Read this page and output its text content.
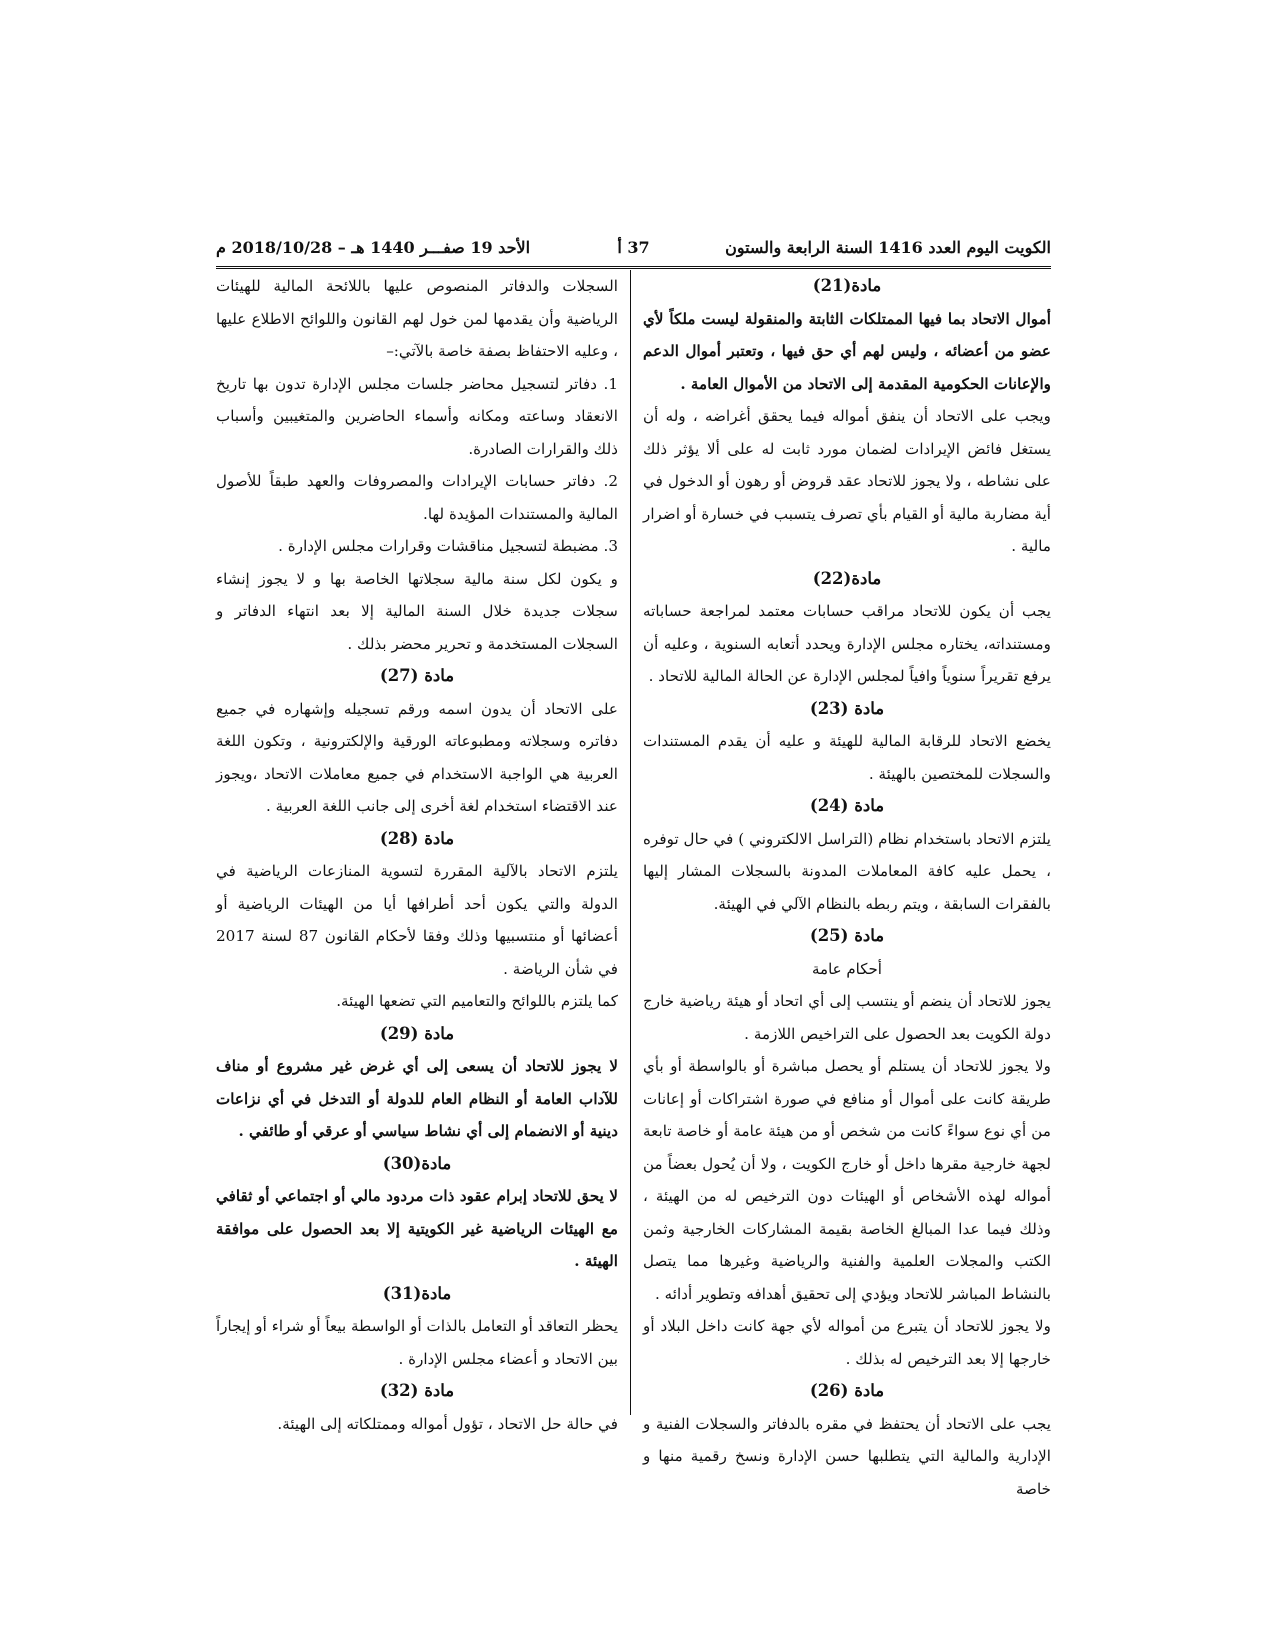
الكويت اليوم العدد 1416 السنة الرابعة والستون
37 أ
الأحد 19 صفـــر 1440 هـ – 2018/10/28 م

مادة(21)

أموال الاتحاد بما فيها الممتلكات الثابتة والمنقولة ليست ملكاً لأي عضو من أعضائه ، وليس لهم أي حق فيها ، وتعتبر أموال الدعم والإعانات الحكومية المقدمة إلى الاتحاد من الأموال العامة .

ويجب على الاتحاد أن ينفق أمواله فيما يحقق أغراضه ، وله أن يستغل فائض الإيرادات لضمان مورد ثابت له على ألا يؤثر ذلك على نشاطه ، ولا يجوز للاتحاد عقد قروض أو رهون أو الدخول في أية مضاربة مالية أو القيام بأي تصرف يتسبب في خسارة أو اضرار مالية .

مادة(22)

يجب أن يكون للاتحاد مراقب حسابات معتمد لمراجعة حساباته ومستنداته، يختاره مجلس الإدارة ويحدد أتعابه السنوية ، وعليه أن يرفع تقريراً سنوياً وافياً لمجلس الإدارة عن الحالة المالية للاتحاد .

مادة (23)

يخضع الاتحاد للرقابة المالية للهيئة و عليه أن يقدم المستندات والسجلات للمختصين بالهيئة .

مادة (24)

يلتزم الاتحاد باستخدام نظام (التراسل الالكتروني ) في حال توفره ، يحمل عليه كافة المعاملات المدونة بالسجلات المشار إليها بالفقرات السابقة ، ويتم ربطه بالنظام الآلي في الهيئة.

مادة (25)

أحكام عامة

يجوز للاتحاد أن ينضم أو ينتسب إلى أي اتحاد أو هيئة رياضية خارج دولة الكويت بعد الحصول على التراخيص اللازمة .

ولا يجوز للاتحاد أن يستلم أو يحصل مباشرة أو بالواسطة أو بأي طريقة كانت على أموال أو منافع في صورة اشتراكات أو إعانات من أي نوع سواءً كانت من شخص أو من هيئة عامة أو خاصة تابعة لجهة خارجية مقرها داخل أو خارج الكويت ، ولا أن يُحول بعضاً من أمواله لهذه الأشخاص أو الهيئات دون الترخيص له من الهيئة ، وذلك فيما عدا المبالغ الخاصة بقيمة المشاركات الخارجية وثمن الكتب والمجلات العلمية والفنية والرياضية وغيرها مما يتصل بالنشاط المباشر للاتحاد ويؤدي إلى تحقيق أهدافه وتطوير أدائه .

ولا يجوز للاتحاد أن يتبرع من أمواله لأي جهة كانت داخل البلاد أو خارجها إلا بعد الترخيص له بذلك .

مادة (26)

يجب على الاتحاد أن يحتفظ في مقره بالدفاتر والسجلات الفنية و الإدارية والمالية التي يتطلبها حسن الإدارة ونسخ رقمية منها و خاصة

السجلات والدفاتر المنصوص عليها باللائحة المالية للهيئات الرياضية وأن يقدمها لمن خول لهم القانون واللوائح الاطلاع عليها ، وعليه الاحتفاظ بصفة خاصة بالآتي:–

1. دفاتر لتسجيل محاضر جلسات مجلس الإدارة تدون بها تاريخ الانعقاد وساعته ومكانه وأسماء الحاضرين والمتغيبين وأسباب ذلك والقرارات الصادرة.

2. دفاتر حسابات الإيرادات والمصروفات والعهد طبقاً للأصول المالية والمستندات المؤيدة لها.

3. مضبطة لتسجيل مناقشات وقرارات مجلس الإدارة .

و يكون لكل سنة مالية سجلاتها الخاصة بها و لا يجوز إنشاء سجلات جديدة خلال السنة المالية إلا بعد انتهاء الدفاتر و السجلات المستخدمة و تحرير محضر بذلك .

مادة (27)

على الاتحاد أن يدون اسمه ورقم تسجيله وإشهاره في جميع دفاتره وسجلاته ومطبوعاته الورقية والإلكترونية ، وتكون اللغة العربية هي الواجبة الاستخدام في جميع معاملات الاتحاد ،ويجوز عند الاقتضاء استخدام لغة أخرى إلى جانب اللغة العربية .

مادة (28)

يلتزم الاتحاد بالآلية المقررة لتسوية المنازعات الرياضية في الدولة والتي يكون أحد أطرافها أيا من الهيئات الرياضية أو أعضائها أو منتسبيها وذلك وفقا لأحكام القانون 87 لسنة 2017 في شأن الرياضة .

كما يلتزم باللوائح والتعاميم التي تضعها الهيئة.

مادة (29)

لا يجوز للاتحاد أن يسعى إلى أي غرض غير مشروع أو مناف للآداب العامة أو النظام العام للدولة أو التدخل في أي نزاعات دينية أو الانضمام إلى أي نشاط سياسي أو عرقي أو طائفي .

مادة(30)

لا يحق للاتحاد إبرام عقود ذات مردود مالي أو اجتماعي أو ثقافي مع الهيئات الرياضية غير الكويتية إلا بعد الحصول على موافقة الهيئة .

مادة(31)

يحظر التعاقد أو التعامل بالذات أو الواسطة بيعاً أو شراء أو إيجاراً بين الاتحاد و أعضاء مجلس الإدارة .

مادة (32)

في حالة حل الاتحاد ، تؤول أمواله وممتلكاته إلى الهيئة.
